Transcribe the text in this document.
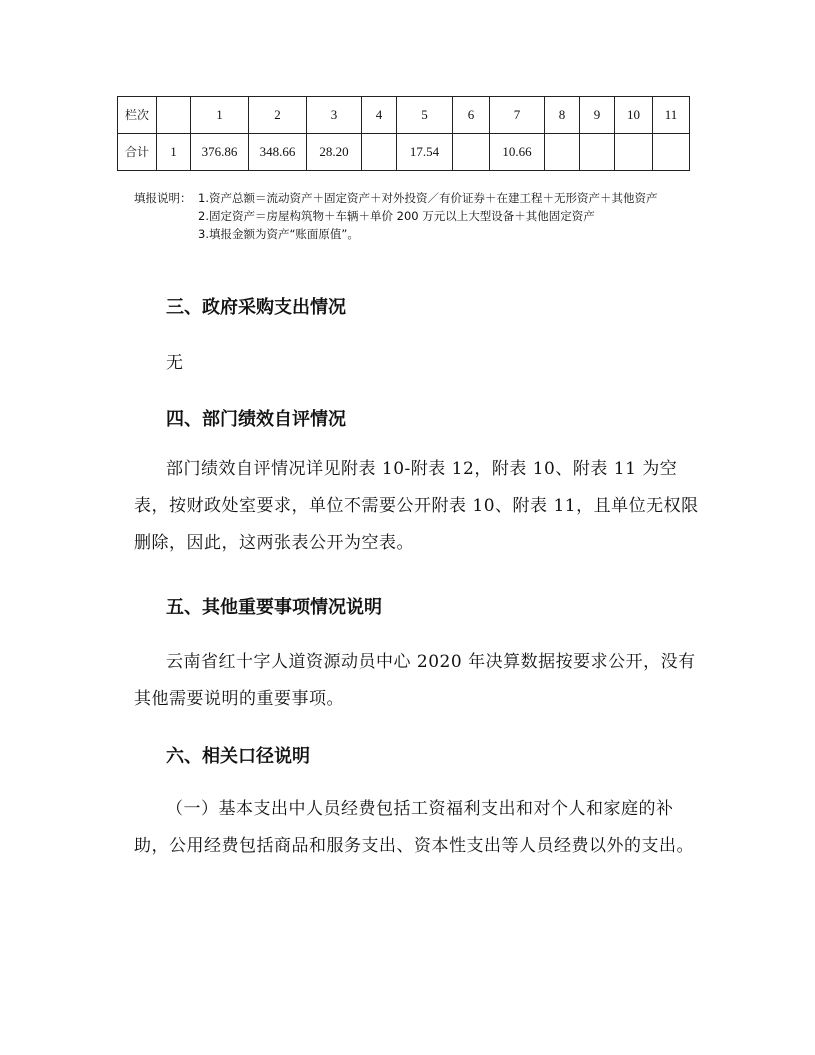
栏次		1	2	3	4	5	6	7	8	9	10	11
合计	1	376.86	348.66	28.20		17.54		10.66				
填报说明： 1.资产总额＝流动资产＋固定资产＋对外投资／有价证券＋在建工程＋无形资产＋其他资产
2.固定资产＝房屋构筑物＋车辆＋单价 200 万元以上大型设备＋其他固定资产
3.填报金额为资产“账面原值”。
三、政府采购支出情况

无

四、部门绩效自评情况

部门绩效自评情况详见附表 10-附表 12，附表 10、附表 11 为空表，按财政处室要求，单位不需要公开附表 10、附表 11，且单位无权限删除，因此，这两张表公开为空表。

五、其他重要事项情况说明

云南省红十字人道资源动员中心 2020 年决算数据按要求公开，没有其他需要说明的重要事项。

六、相关口径说明

（一）基本支出中人员经费包括工资福利支出和对个人和家庭的补助，公用经费包括商品和服务支出、资本性支出等人员经费以外的支出。
